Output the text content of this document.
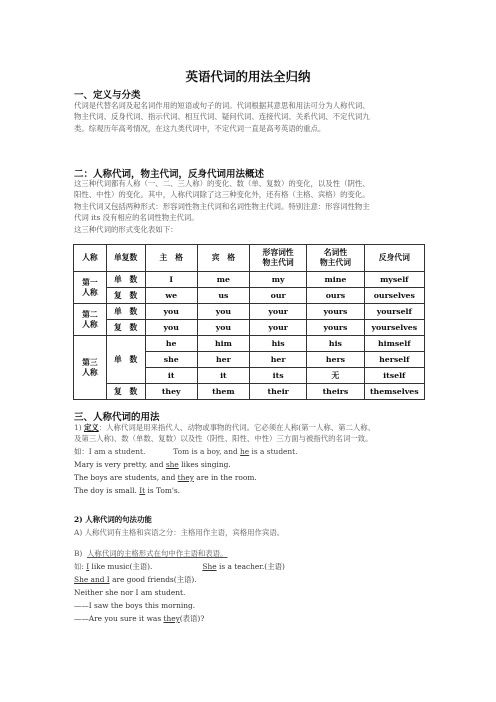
英语代词的用法全归纳
一、定义与分类
代词是代替名词及起名词作用的短语或句子的词。代词根据其意思和用法可分为人称代词、
物主代词、反身代词、指示代词、相互代词、疑问代词、连接代词、关系代词、不定代词九
类。综观历年高考情况，在这九类代词中，不定代词一直是高考英语的重点。
二：人称代词，物主代词，反身代词用法概述
这三种代词都有人称（一、二、三人称）的变化、数（单、复数）的变化，以及性（阴性、
阳性、中性）的变化。其中，人称代词除了这三种变化外，还有格（主格、宾格）的变化。
物主代词又包括两种形式：形容词性物主代词和名词性物主代词。特别注意：形容词性物主
代词 its 没有相应的名词性物主代词。
这三种代词的形式变化表如下：
人称	单复数	主　格	宾　格	形容词性
物主代词	名词性
物主代词	反身代词
第一
人称	单　数	I	me	my	mine	myself
	复　数	we	us	our	ours	ourselves
第二
人称	单　数	you	you	your	yours	yourself
	复　数	you	you	your	yours	yourselves
第三
人称	单　数	he	him	his	his	himself
		she	her	her	hers	herself
		it	it	its	无	itself
	复　数	they	them	their	theirs	themselves
三、人称代词的用法
1) 定义：人称代词是用来指代人、动物或事物的代词。它必须在人称(第一人称、第二人称、
及第三人称)、数（单数、复数）以及性（阴性、阳性、中性）三方面与被指代的名词一致。
如：I am a student.	Tom is a boy, and he is a student.
Mary is very pretty, and she likes singing.
The boys are students, and they are in the room.
The doy is small. It is Tom's.
2) 人称代词的句法功能
A) 人称代词有主格和宾语之分：主格用作主语，宾格用作宾语。
B) 人称代词的主格形式在句中作主语和表语。
如: I like music(主语).	She is a teacher.(主语)
She and I are good friends(主语).
Neither she nor I am student.
——I saw the boys this morning.
——Are you sure it was they(表语)?
